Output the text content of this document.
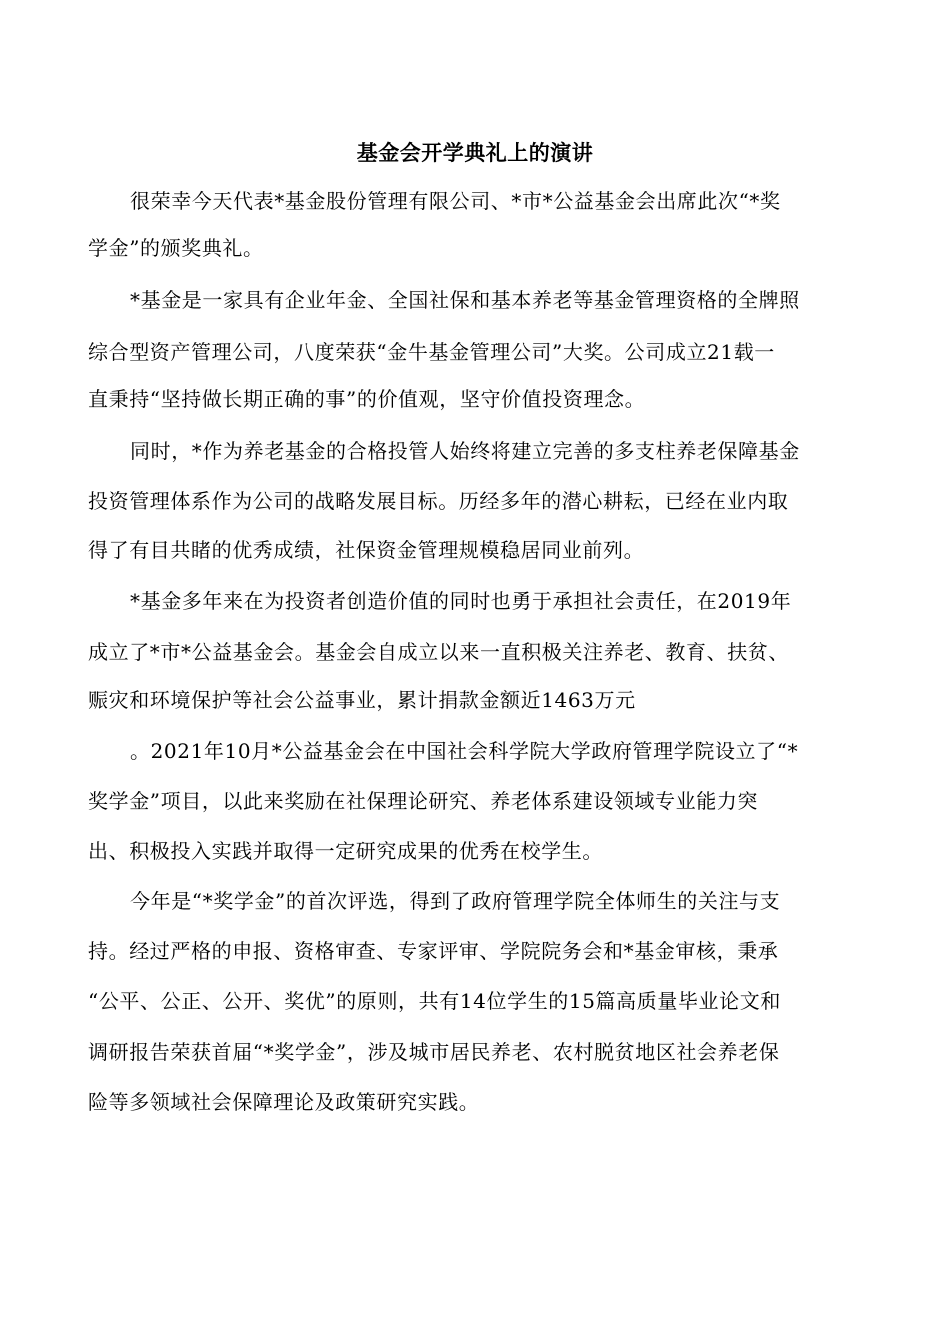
基金会开学典礼上的演讲
很荣幸今天代表*基金股份管理有限公司、*市*公益基金会出席此次“*奖
学金”的颁奖典礼。
*基金是一家具有企业年金、全国社保和基本养老等基金管理资格的全牌照
综合型资产管理公司，八度荣获“金牛基金管理公司”大奖。公司成立21载一
直秉持“坚持做长期正确的事”的价值观，坚守价值投资理念。
同时，*作为养老基金的合格投管人始终将建立完善的多支柱养老保障基金
投资管理体系作为公司的战略发展目标。历经多年的潜心耕耘，已经在业内取
得了有目共睹的优秀成绩，社保资金管理规模稳居同业前列。
*基金多年来在为投资者创造价值的同时也勇于承担社会责任，在2019年
成立了*市*公益基金会。基金会自成立以来一直积极关注养老、教育、扶贫、
赈灾和环境保护等社会公益事业，累计捐款金额近1463万元
。2021年10月*公益基金会在中国社会科学院大学政府管理学院设立了“*
奖学金”项目，以此来奖励在社保理论研究、养老体系建设领域专业能力突
出、积极投入实践并取得一定研究成果的优秀在校学生。
今年是“*奖学金”的首次评选，得到了政府管理学院全体师生的关注与支
持。经过严格的申报、资格审查、专家评审、学院院务会和*基金审核，秉承
“公平、公正、公开、奖优”的原则，共有14位学生的15篇高质量毕业论文和
调研报告荣获首届“*奖学金”，涉及城市居民养老、农村脱贫地区社会养老保
险等多领域社会保障理论及政策研究实践。
